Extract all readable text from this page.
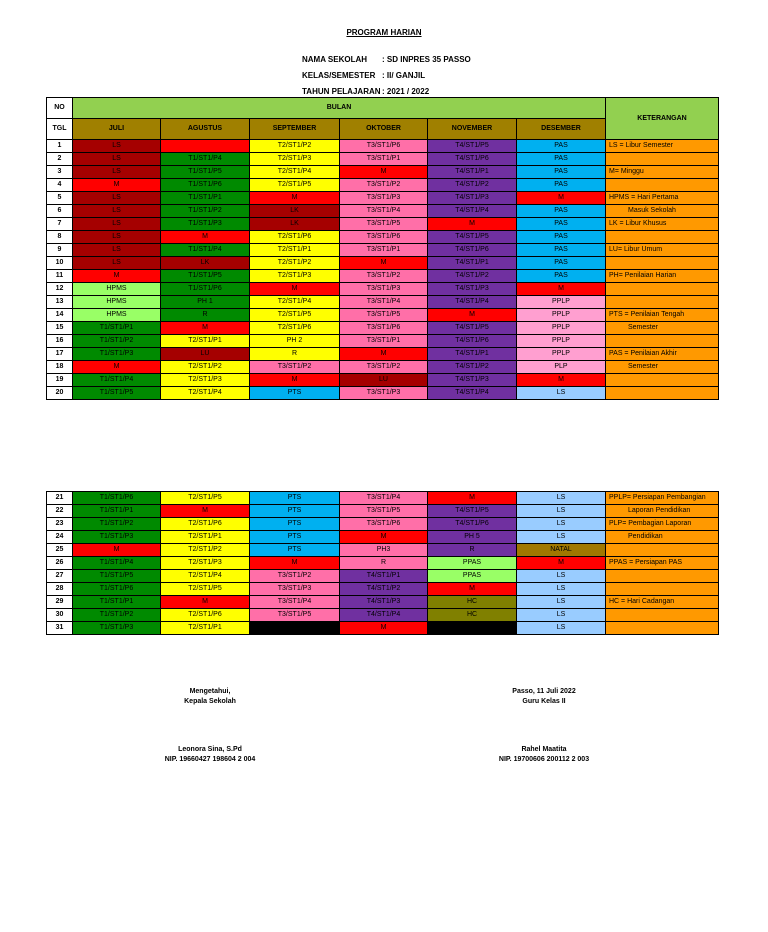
PROGRAM HARIAN
NAMA SEKOLAH : SD INPRES 35 PASSO
KELAS/SEMESTER : II/ GANJIL
TAHUN PELAJARAN: 2021 / 2022
NO	BULAN						KETERANGAN
TGL	JULI	AGUSTUS	SEPTEMBER	OKTOBER	NOVEMBER	DESEMBER	
1	LS		T2/ST1/P2	T3/ST1/P6	T4/ST1/P5	PAS	LS = Libur Semester
2	LS	T1/ST1/P4	T2/ST1/P3	T3/ST1/P1	T4/ST1/P6	PAS	
3	LS	T1/ST1/P5	T2/ST1/P4	M	T4/ST1/P1	PAS	M= Minggu
4	M	T1/ST1/P6	T2/ST1/P5	T3/ST1/P2	T4/ST1/P2	PAS	
5	LS	T1/ST1/P1	M	T3/ST1/P3	T4/ST1/P3	M	HPMS = Hari Pertama
6	LS	T1/ST1/P2	LK	T3/ST1/P4	T4/ST1/P4	PAS	Masuk Sekolah
7	LS	T1/ST1/P3	LK	T3/ST1/P5	M	PAS	LK = Libur Khusus
8	LS	M	T2/ST1/P6	T3/ST1/P6	T4/ST1/P5	PAS	
9	LS	T1/ST1/P4	T2/ST1/P1	T3/ST1/P1	T4/ST1/P6	PAS	LU= Libur Umum
10	LS	LK	T2/ST1/P2	M	T4/ST1/P1	PAS	
11	M	T1/ST1/P5	T2/ST1/P3	T3/ST1/P2	T4/ST1/P2	PAS	PH= Penilaian Harian
12	HPMS	T1/ST1/P6	M	T3/ST1/P3	T4/ST1/P3	M	
13	HPMS	PH 1	T2/ST1/P4	T3/ST1/P4	T4/ST1/P4	PPLP	
14	HPMS	R	T2/ST1/P5	T3/ST1/P5	M	PPLP	PTS = Penilaian Tengah
15	T1/ST1/P1	M	T2/ST1/P6	T3/ST1/P6	T4/ST1/P5	PPLP	Semester
16	T1/ST1/P2	T2/ST1/P1	PH 2	T3/ST1/P1	T4/ST1/P6	PPLP	
17	T1/ST1/P3	LU	R	M	T4/ST1/P1	PPLP	PAS = Penilaian Akhir
18	M	T2/ST1/P2	T3/ST1/P2	T3/ST1/P2	T4/ST1/P2	PLP	Semester
19	T1/ST1/P4	T2/ST1/P3	M	LU	T4/ST1/P3	M	
20	T1/ST1/P5	T2/ST1/P4	PTS	T3/ST1/P3	T4/ST1/P4	LS	
21	T1/ST1/P6	T2/ST1/P5	PTS	T3/ST1/P4	M	LS	PPLP= Persiapan Pembangian
22	T1/ST1/P1	M	PTS	T3/ST1/P5	T4/ST1/P5	LS	Laporan Pendidikan
23	T1/ST1/P2	T2/ST1/P6	PTS	T3/ST1/P6	T4/ST1/P6	LS	PLP= Pembagian Laporan
24	T1/ST1/P3	T2/ST1/P1	PTS	M	PH 5	LS	Pendidikan
25	M	T2/ST1/P2	PTS	PH3	R	NATAL	
26	T1/ST1/P4	T2/ST1/P3	M	R	PPAS	M	PPAS = Persiapan PAS
27	T1/ST1/P5	T2/ST1/P4	T3/ST1/P2	T4/ST1/P1	PPAS	LS	
28	T1/ST1/P6	T2/ST1/P5	T3/ST1/P3	T4/ST1/P2	M	LS	
29	T1/ST1/P1	M	T3/ST1/P4	T4/ST1/P3	HC	LS	HC = Hari Cadangan
30	T1/ST1/P2	T2/ST1/P6	T3/ST1/P5	T4/ST1/P4	HC	LS	
31	T1/ST1/P3	T2/ST1/P1		M		LS	
Mengetahui,
Kepala Sekolah
Passo, 11 Juli 2022
Guru Kelas II
Leonora Sina, S.Pd
NIP. 19660427 198604 2 004
Rahel Maatita
NIP. 19700606 200112 2 003
